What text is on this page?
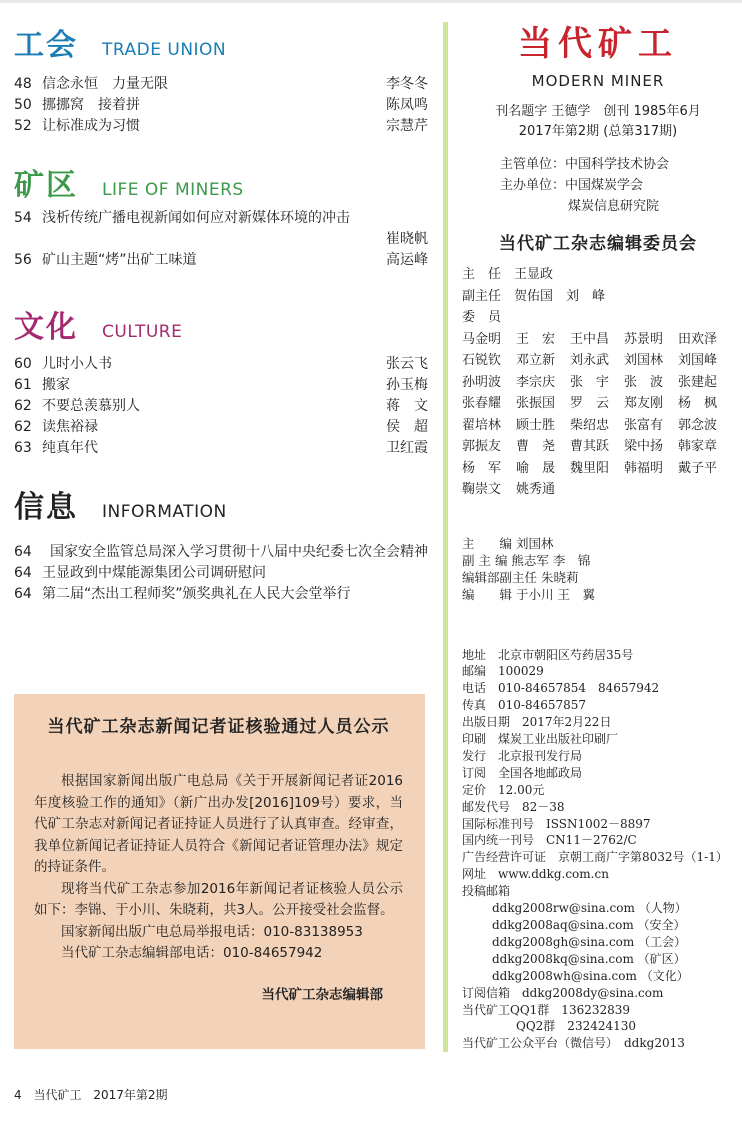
工会 TRADE UNION
48 信念永恒　力量无限	李冬冬
50 挪挪窝　接着拼	陈凤鸣
52 让标准成为习惯	宗慧芹
矿区 LIFE OF MINERS
54 浅析传统广播电视新闻如何应对新媒体环境的冲击
崔晓帆
56 矿山主题“烤”出矿工味道	高运峰
文化 CULTURE
60 儿时小人书	张云飞
61 搬家	孙玉梅
62 不要总羡慕别人	蒋　文
62 读焦裕禄	侯　超
63 纯真年代	卫红霞
信息 INFORMATION
64 国家安全监管总局深入学习贯彻十八届中央纪委七次全会精神
64 王显政到中煤能源集团公司调研慰问
64 第二届“杰出工程师奖”颁奖典礼在人民大会堂举行
当代矿工杂志新闻记者证核验通过人员公示

根据国家新闻出版广电总局《关于开展新闻记者证2016年度核验工作的通知》（新广出办发[2016]109号）要求，当代矿工杂志对新闻记者证持证人员进行了认真审查。经审查，我单位新闻记者证持证人员符合《新闻记者证管理办法》规定的持证条件。

现将当代矿工杂志参加2016年新闻记者证核验人员公示如下：李锦、于小川、朱晓莉，共3人。公开接受社会监督。

国家新闻出版广电总局举报电话：010-83138953
当代矿工杂志编辑部电话：010-84657942
当代矿工杂志编辑部
4 当代矿工 2017年第2期
当代矿工
MODERN MINER
刊名题字 王德学　创刊 1985年6月
2017年第2期 (总第317期)
主管单位：中国科学技术协会
主办单位：中国煤炭学会
煤炭信息研究院
当代矿工杂志编辑委员会
主　任　王显政
副主任　贺佑国　刘　峰
委　员
马金明	王　宏	王中昌	苏景明	田欢泽
石锐钦	邓立新	刘永武	刘国林	刘国峰
孙明波	李宗庆	张　宇	张　波	张建起
张春耀	张振国	罗　云	郑友刚	杨　枫
翟培林	顾士胜	柴绍忠	张富有	郭念波
郭振友	曹　尧	曹其跃	梁中扬	韩家章
杨　军	喻　晟	魏里阳	韩福明	戴子平
鞠崇文	姚秀通
主　　编 刘国林
副 主 编 熊志军 李　锦
编辑部副主任 朱晓莉
编　　辑 于小川 王　翼
地址　北京市朝阳区芍药居35号
邮编　100029
电话　010-84657854　84657942
传真　010-84657857
出版日期　2017年2月22日
印刷　煤炭工业出版社印刷厂
发行　北京报刊发行局
订阅　全国各地邮政局
定价　12.00元
邮发代号　82－38
国际标准刊号　ISSN1002－8897
国内统一刊号　CN11－2762/C
广告经营许可证　京朝工商广字第8032号（1-1）
网址　www.ddkg.com.cn
投稿邮箱
ddkg2008rw@sina.com （人物）
ddkg2008aq@sina.com （安全）
ddkg2008gh@sina.com （工会）
ddkg2008kq@sina.com （矿区）
ddkg2008wh@sina.com （文化）
订阅信箱　ddkg2008dy@sina.com
当代矿工QQ1群　136232839
QQ2群　232424130
当代矿工公众平台（微信号）　ddkg2013
